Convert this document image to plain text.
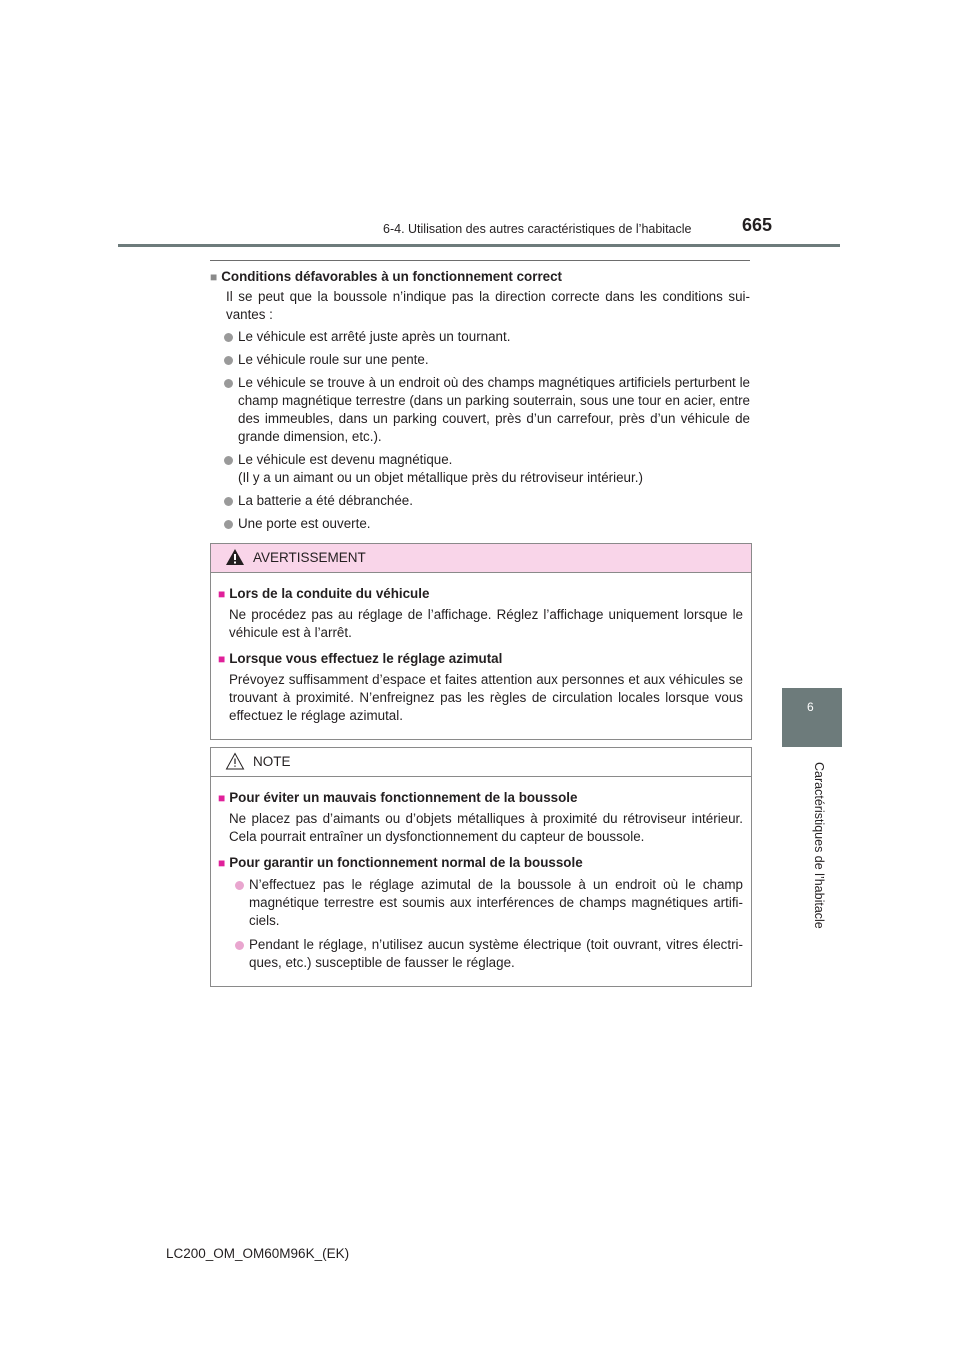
6-4. Utilisation des autres caractéristiques de l’habitacle	665
6
Caractéristiques de l’habitacle
■ Conditions défavorables à un fonctionnement correct

Il se peut que la boussole n’indique pas la direction correcte dans les conditions suivantes :

Le véhicule est arrêté juste après un tournant.
Le véhicule roule sur une pente.
Le véhicule se trouve à un endroit où des champs magnétiques artificiels perturbent le champ magnétique terrestre (dans un parking souterrain, sous une tour en acier, entre des immeubles, dans un parking couvert, près d’un carrefour, près d’un véhicule de grande dimension, etc.).
Le véhicule est devenu magnétique.
(Il y a un aimant ou un objet métallique près du rétroviseur intérieur.)
La batterie a été débranchée.
Une porte est ouverte.
AVERTISSEMENT
■ Lors de la conduite du véhicule

Ne procédez pas au réglage de l’affichage. Réglez l’affichage uniquement lorsque le véhicule est à l’arrêt.

■ Lorsque vous effectuez le réglage azimutal

Prévoyez suffisamment d’espace et faites attention aux personnes et aux véhicules se trouvant à proximité. N’enfreignez pas les règles de circulation locales lorsque vous effectuez le réglage azimutal.

NOTE
■ Pour éviter un mauvais fonctionnement de la boussole

Ne placez pas d’aimants ou d’objets métalliques à proximité du rétroviseur intérieur. Cela pourrait entraîner un dysfonctionnement du capteur de boussole.

■ Pour garantir un fonctionnement normal de la boussole
N’effectuez pas le réglage azimutal de la boussole à un endroit où le champ magnétique terrestre est soumis aux interférences de champs magnétiques artificiels.
Pendant le réglage, n’utilisez aucun système électrique (toit ouvrant, vitres électriques, etc.) susceptible de fausser le réglage.
LC200_OM_OM60M96K_(EK)
